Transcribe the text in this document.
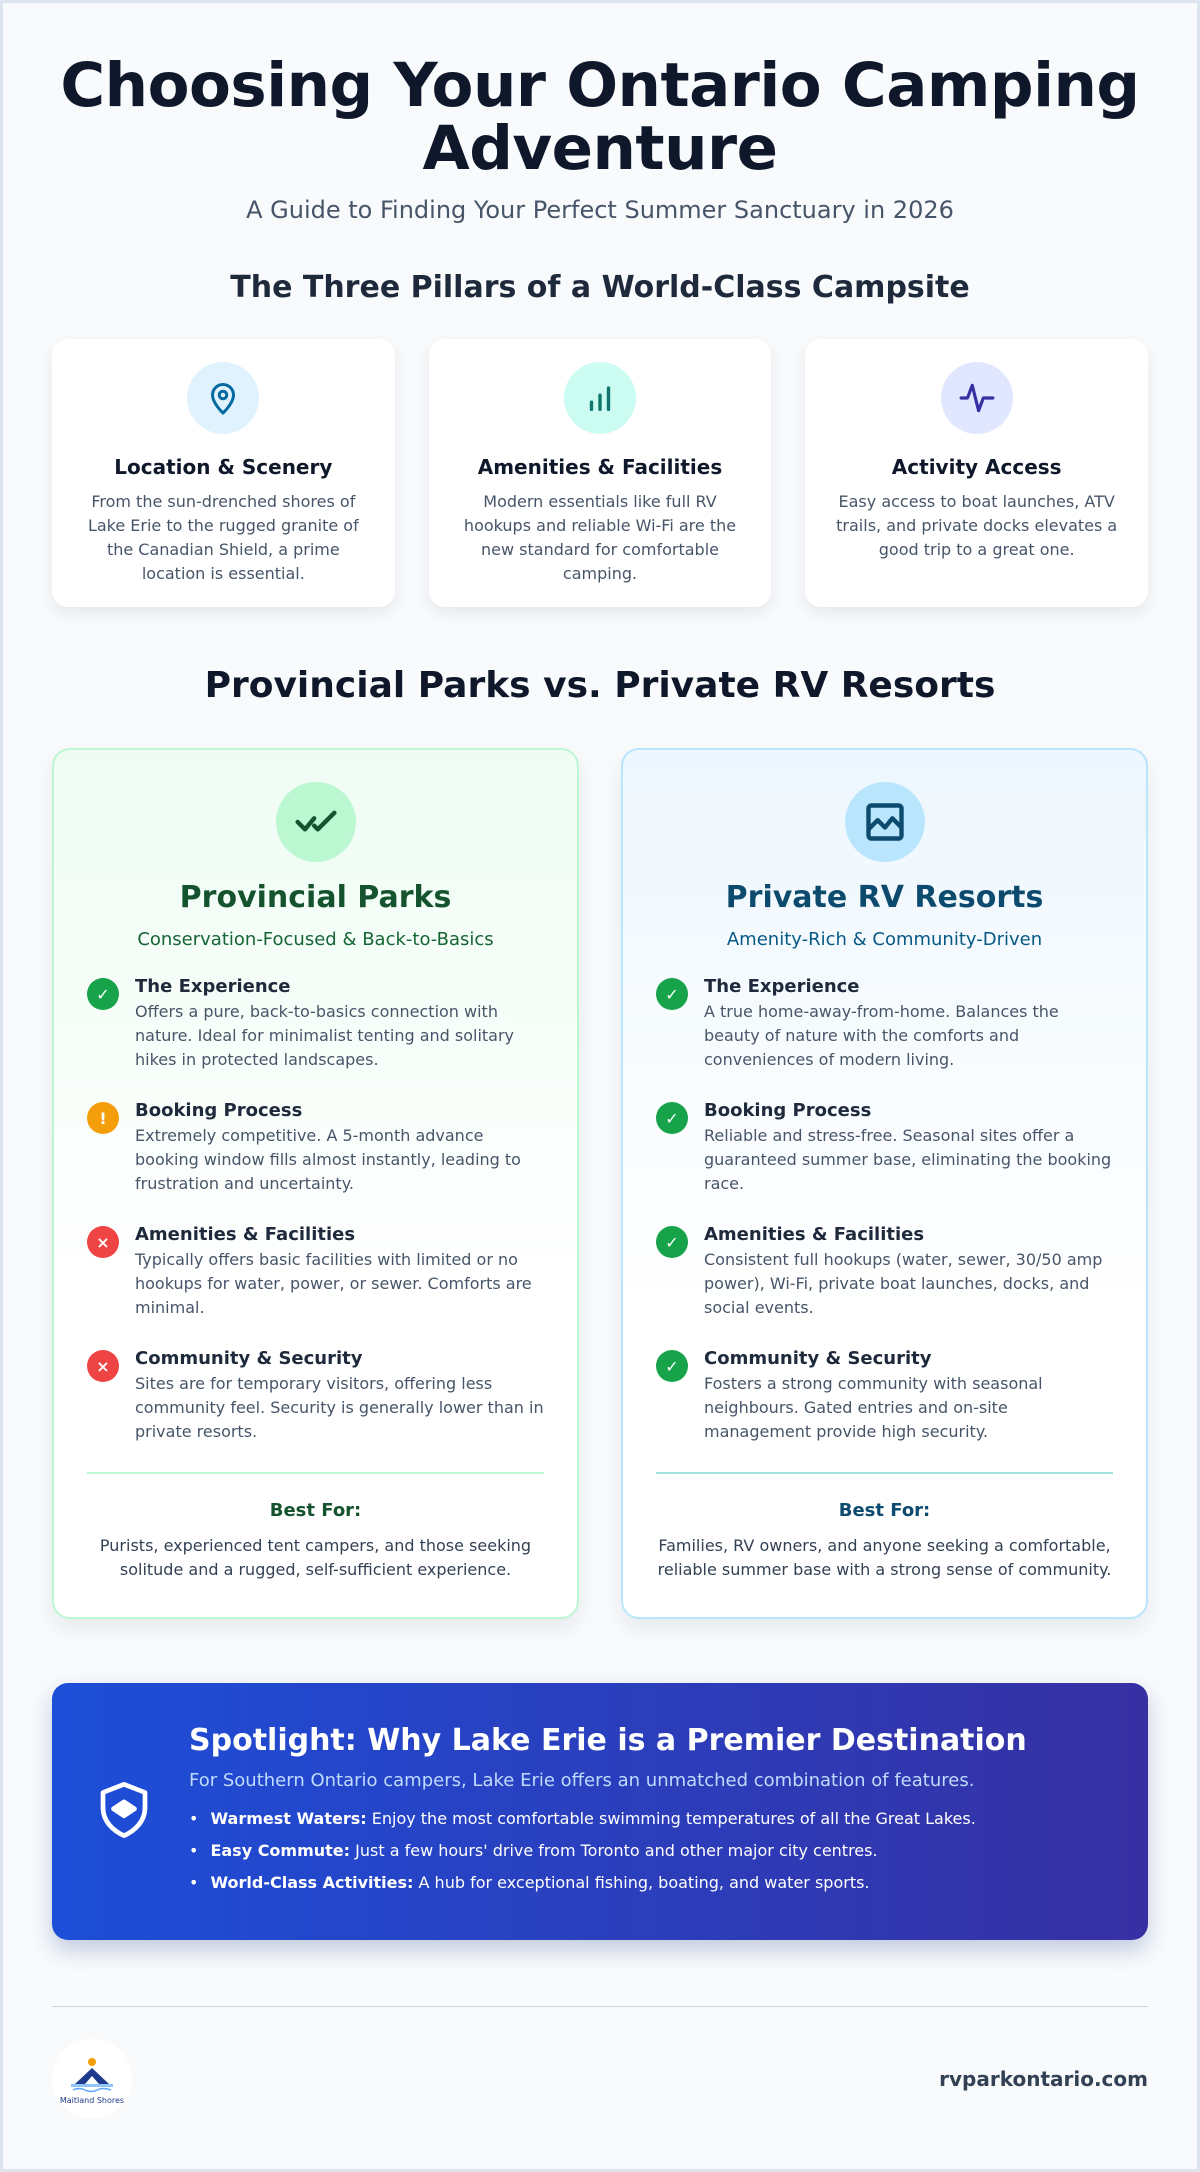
Choosing Your Ontario Camping
Adventure
A Guide to Finding Your Perfect Summer Sanctuary in 2026
The Three Pillars of a World-Class Campsite
Location & Scenery

From the sun-drenched shores of Lake Erie to the rugged granite of the Canadian Shield, a prime location is essential.

Amenities & Facilities

Modern essentials like full RV hookups and reliable Wi-Fi are the new standard for comfortable camping.

Activity Access

Easy access to boat launches, ATV trails, and private docks elevates a good trip to a great one.

Provincial Parks vs. Private RV Resorts
Provincial Parks
Conservation-Focused & Back-to-Basics
✓	The Experience

Offers a pure, back-to-basics connection with nature. Ideal for minimalist tenting and solitary hikes in protected landscapes.

!	Booking Process

Extremely competitive. A 5-month advance booking window fills almost instantly, leading to frustration and uncertainty.

×	Amenities & Facilities

Typically offers basic facilities with limited or no hookups for water, power, or sewer. Comforts are minimal.

×	Community & Security

Sites are for temporary visitors, offering less community feel. Security is generally lower than in private resorts.

Best For:
Purists, experienced tent campers, and those seeking solitude and a rugged, self-sufficient experience.
Private RV Resorts
Amenity-Rich & Community-Driven
✓	The Experience

A true home-away-from-home. Balances the beauty of nature with the comforts and conveniences of modern living.

✓	Booking Process

Reliable and stress-free. Seasonal sites offer a guaranteed summer base, eliminating the booking race.

✓	Amenities & Facilities

Consistent full hookups (water, sewer, 30/50 amp power), Wi-Fi, private boat launches, docks, and social events.

✓	Community & Security

Fosters a strong community with seasonal neighbours. Gated entries and on-site management provide high security.

Best For:
Families, RV owners, and anyone seeking a comfortable, reliable summer base with a strong sense of community.
Spotlight: Why Lake Erie is a Premier Destination
For Southern Ontario campers, Lake Erie offers an unmatched combination of features.
• Warmest Waters: Enjoy the most comfortable swimming temperatures of all the Great Lakes.
• Easy Commute: Just a few hours' drive from Toronto and other major city centres.
• World-Class Activities: A hub for exceptional fishing, boating, and water sports.
Maitland Shores
rvparkontario.com
